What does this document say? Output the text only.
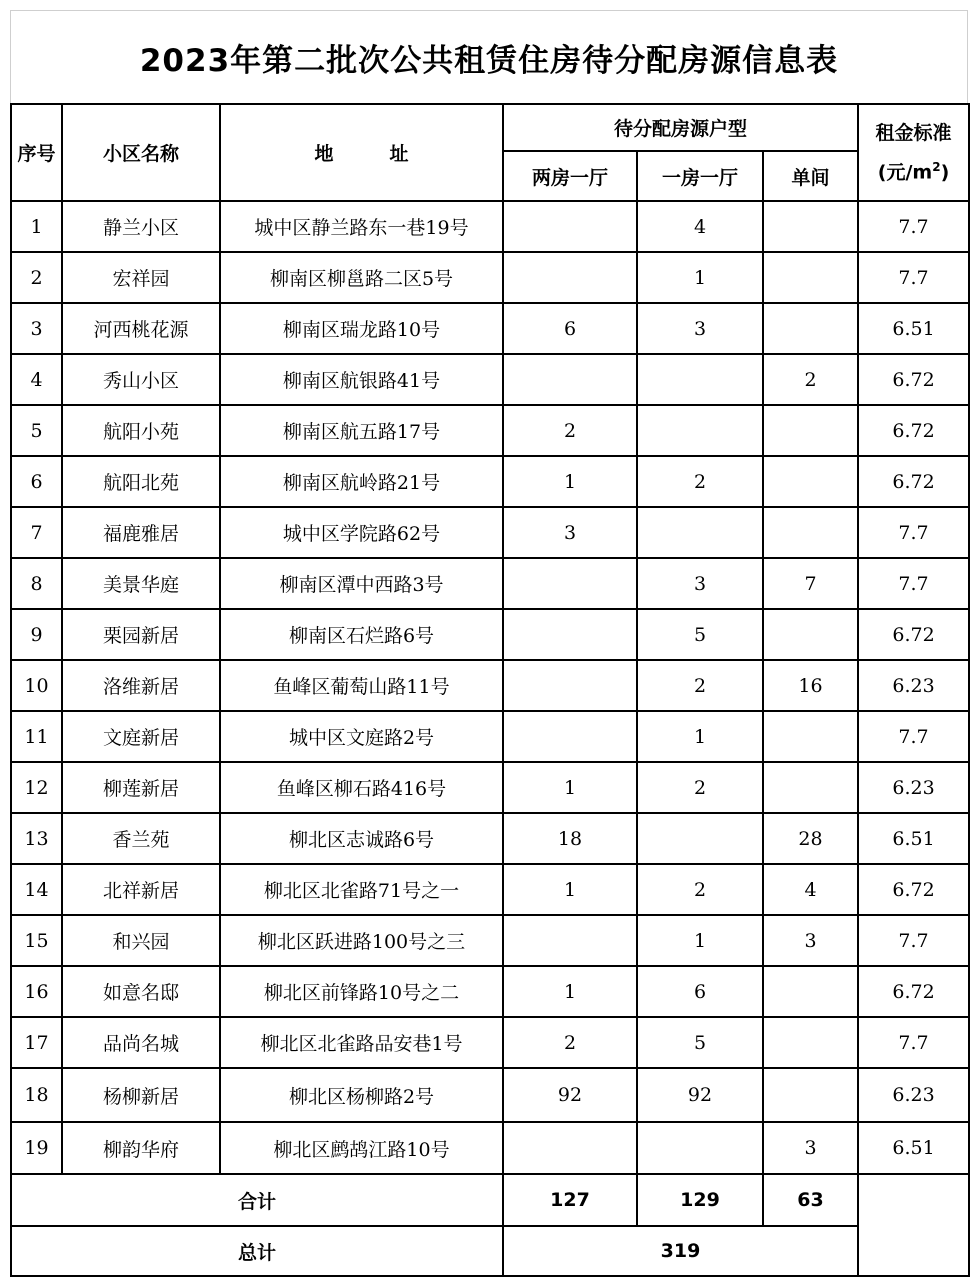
2023年第二批次公共租赁住房待分配房源信息表
序号	小区名称	地 址	待分配房源户型			租金标准
(元$/m^2$)

			两房一厅	一房一厅	单间	
1	静兰小区	城中区静兰路东一巷19号		4		7.7
2	宏祥园	柳南区柳邕路二区5号		1		7.7
3	河西桃花源	柳南区瑞龙路10号	6	3		6.51
4	秀山小区	柳南区航银路41号			2	6.72
5	航阳小苑	柳南区航五路17号	2			6.72
6	航阳北苑	柳南区航岭路21号	1	2		6.72
7	福鹿雅居	城中区学院路62号	3			7.7
8	美景华庭	柳南区潭中西路3号		3	7	7.7
9	栗园新居	柳南区石烂路6号		5		6.72
10	洛维新居	鱼峰区葡萄山路11号		2	16	6.23
11	文庭新居	城中区文庭路2号		1		7.7
12	柳莲新居	鱼峰区柳石路416号	1	2		6.23
13	香兰苑	柳北区志诚路6号	18		28	6.51
14	北祥新居	柳北区北雀路71号之一	1	2	4	6.72
15	和兴园	柳北区跃进路100号之三		1	3	7.7
16	如意名邸	柳北区前锋路10号之二	1	6		6.72
17	品尚名城	柳北区北雀路品安巷1号	2	5		7.7
18	杨柳新居	柳北区杨柳路2号	92	92		6.23
19	柳韵华府	柳北区鹧鸪江路10号			3	6.51
合计			127	129	63	
总计			319			
